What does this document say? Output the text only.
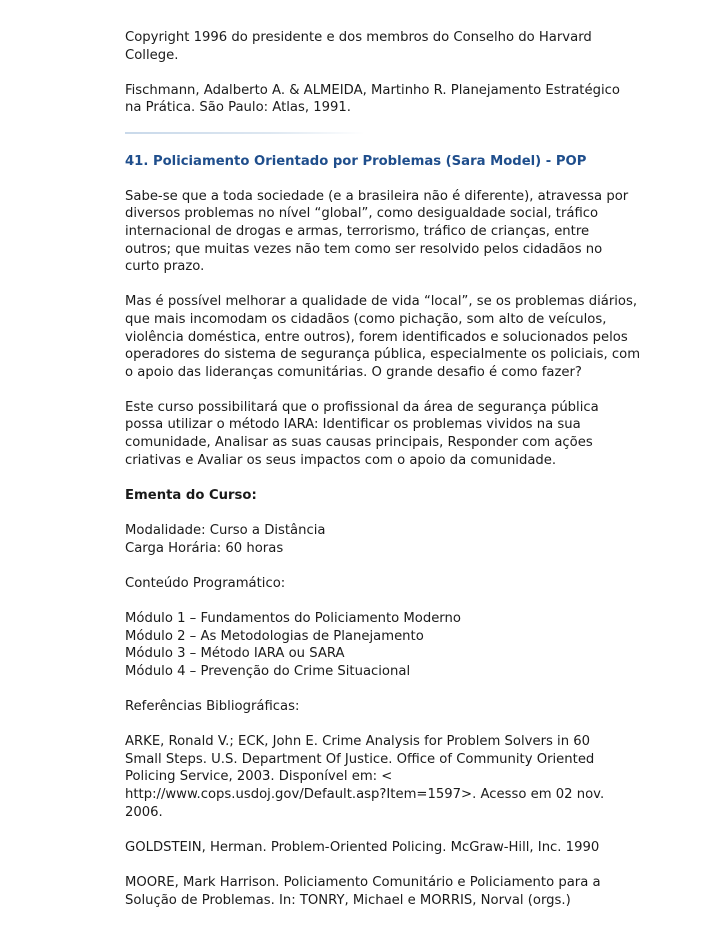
Copyright 1996 do presidente e dos membros do Conselho do Harvard
College.

Fischmann, Adalberto A. & ALMEIDA, Martinho R. Planejamento Estratégico
na Prática. São Paulo: Atlas, 1991.

41. Policiamento Orientado por Problemas (Sara Model) - POP

Sabe-se que a toda sociedade (e a brasileira não é diferente), atravessa por
diversos problemas no nível “global”, como desigualdade social, tráfico
internacional de drogas e armas, terrorismo, tráfico de crianças, entre
outros; que muitas vezes não tem como ser resolvido pelos cidadãos no
curto prazo.

Mas é possível melhorar a qualidade de vida “local”, se os problemas diários,
que mais incomodam os cidadãos (como pichação, som alto de veículos,
violência doméstica, entre outros), forem identificados e solucionados pelos
operadores do sistema de segurança pública, especialmente os policiais, com
o apoio das lideranças comunitárias. O grande desafio é como fazer?

Este curso possibilitará que o profissional da área de segurança pública
possa utilizar o método IARA: Identificar os problemas vividos na sua
comunidade, Analisar as suas causas principais, Responder com ações
criativas e Avaliar os seus impactos com o apoio da comunidade.

Ementa do Curso:

Modalidade: Curso a Distância
Carga Horária: 60 horas

Conteúdo Programático:

Módulo 1 – Fundamentos do Policiamento Moderno
Módulo 2 – As Metodologias de Planejamento
Módulo 3 – Método IARA ou SARA
Módulo 4 – Prevenção do Crime Situacional

Referências Bibliográficas:

ARKE, Ronald V.; ECK, John E. Crime Analysis for Problem Solvers in 60
Small Steps. U.S. Department Of Justice. Office of Community Oriented
Policing Service, 2003. Disponível em: <
http://www.cops.usdoj.gov/Default.asp?Item=1597>. Acesso em 02 nov.
2006.

GOLDSTEIN, Herman. Problem-Oriented Policing. McGraw-Hill, Inc. 1990

MOORE, Mark Harrison. Policiamento Comunitário e Policiamento para a
Solução de Problemas. In: TONRY, Michael e MORRIS, Norval (orgs.)
